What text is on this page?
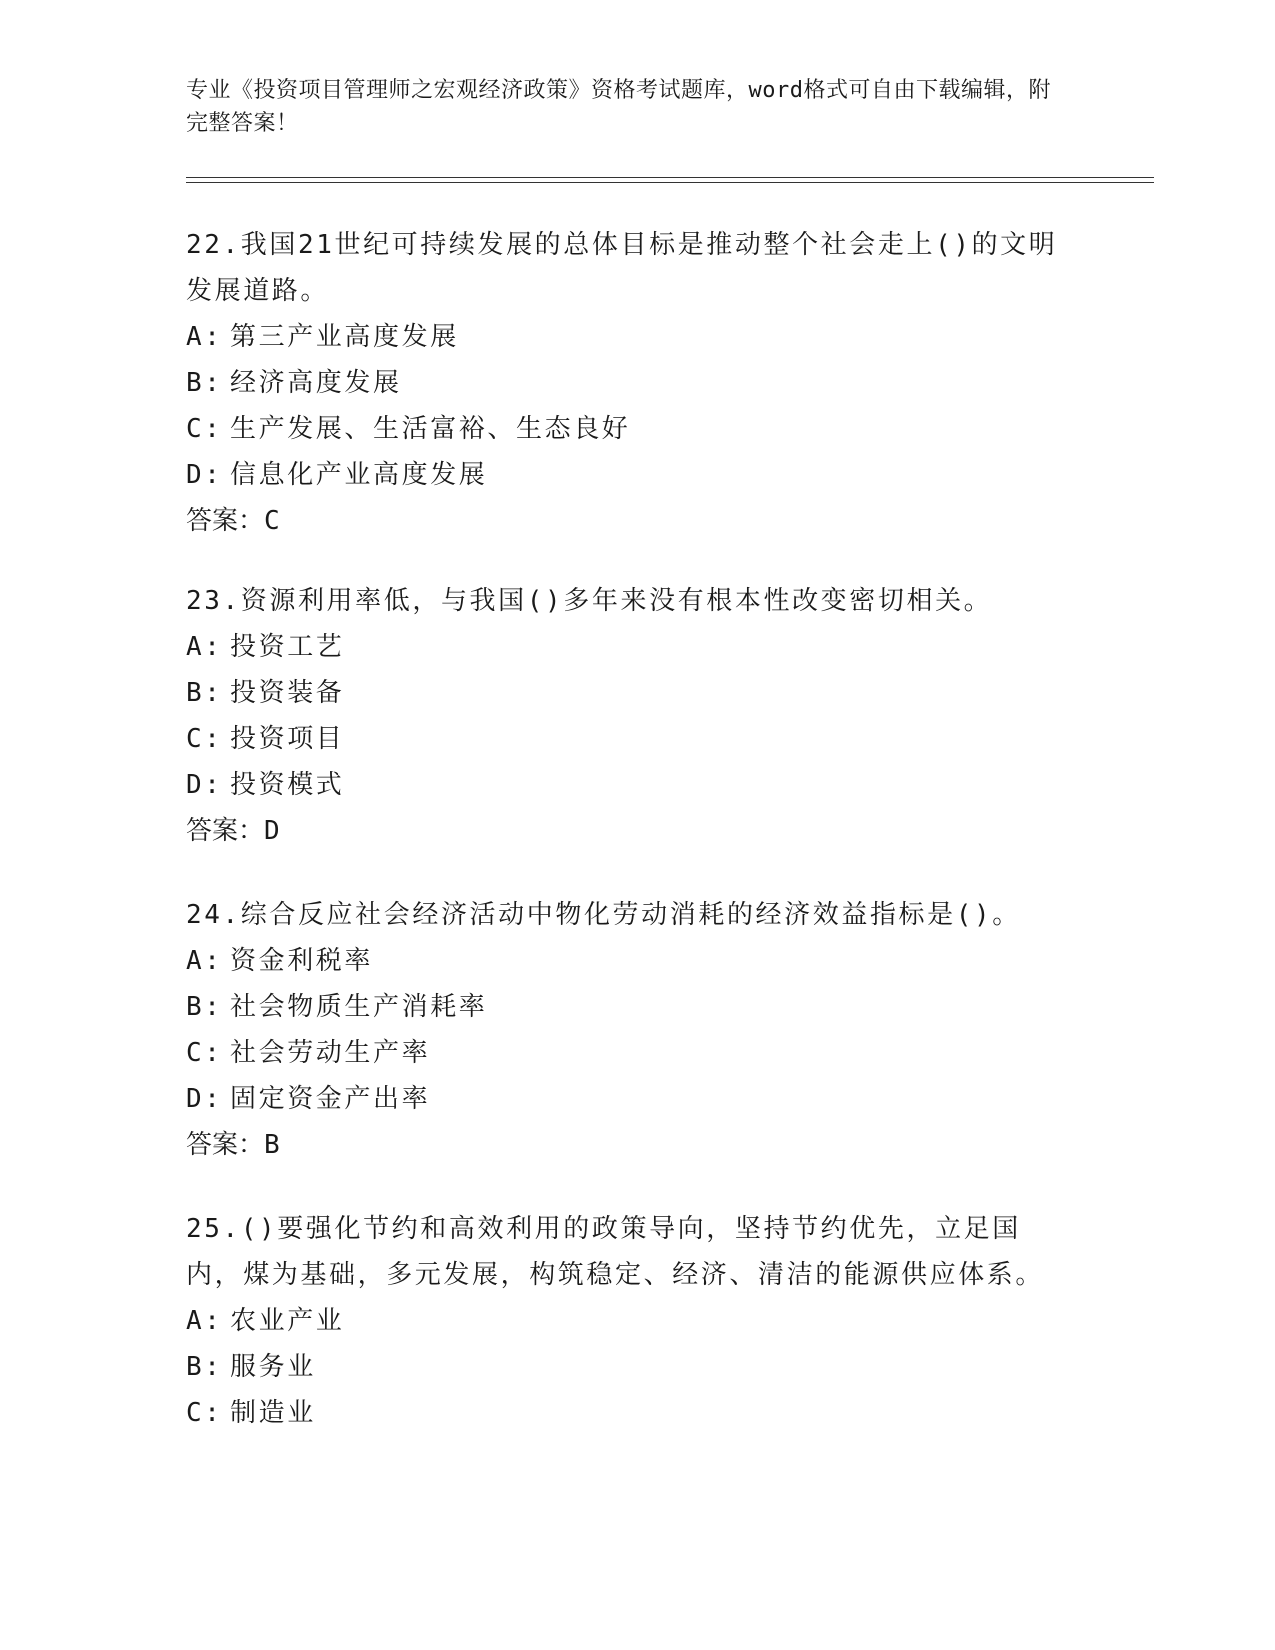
专业《投资项目管理师之宏观经济政策》资格考试题库，word格式可自由下载编辑，附完整答案！

22.我国21世纪可持续发展的总体目标是推动整个社会走上()的文明发展道路。

A: 第三产业高度发展

B: 经济高度发展

C: 生产发展、生活富裕、生态良好

D: 信息化产业高度发展

答案：C

23.资源利用率低，与我国()多年来没有根本性改变密切相关。

A: 投资工艺

B: 投资装备

C: 投资项目

D: 投资模式

答案：D

24.综合反应社会经济活动中物化劳动消耗的经济效益指标是()。

A: 资金利税率

B: 社会物质生产消耗率

C: 社会劳动生产率

D: 固定资金产出率

答案：B

25.()要强化节约和高效利用的政策导向，坚持节约优先，立足国内，煤为基础，多元发展，构筑稳定、经济、清洁的能源供应体系。

A: 农业产业

B: 服务业

C: 制造业
